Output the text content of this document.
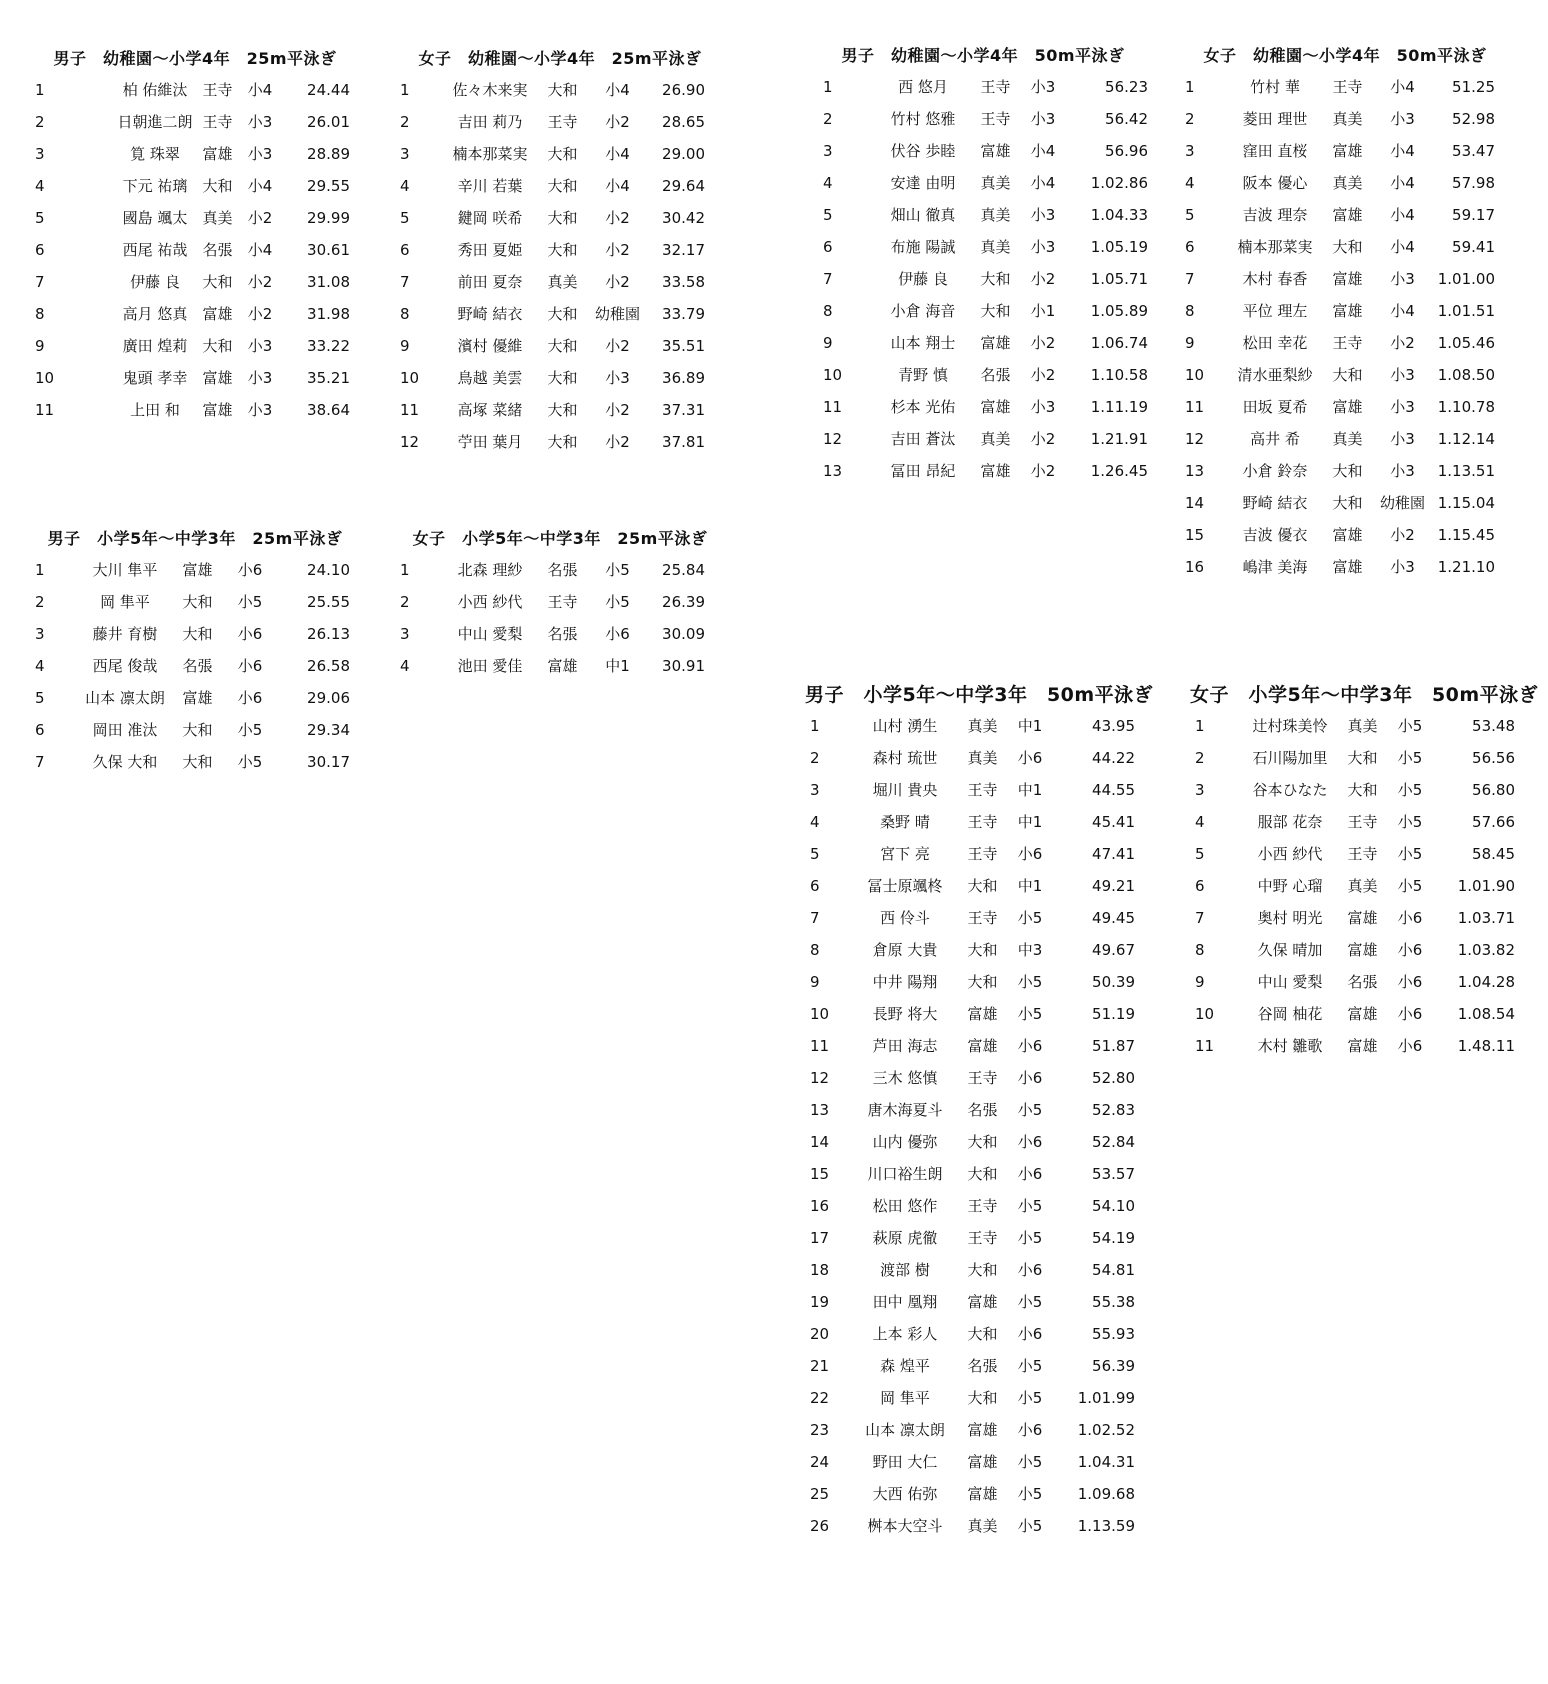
男子　幼稚園〜小学4年　25m平泳ぎ
1	柏 佑維汰	王寺	小4	24.44
2	日朝進二朗 王寺	小3	26.01
3	筧 珠翠	富雄	小3	28.89
4	下元 祐璃	大和	小4	29.55
5	國島 颯太	真美	小2	29.99
6	西尾 祐哉	名張	小4	30.61
7	伊藤 良	大和	小2	31.08
8	高月 悠真	富雄	小2	31.98
9	廣田 煌莉	大和	小3	33.22
10	鬼頭 孝幸	富雄	小3	35.21
11	上田 和	富雄	小3	38.64
女子　幼稚園〜小学4年　25m平泳ぎ
1	佐々木来実	大和	小4	26.90
2	吉田 莉乃	王寺	小2	28.65
3	楠本那菜実	大和	小4	29.00
4	辛川 若葉	大和	小4	29.64
5	鍵岡 咲希	大和	小2	30.42
6	秀田 夏姫	大和	小2	32.17
7	前田 夏奈	真美	小2	33.58
8	野崎 結衣	大和	幼稚園	33.79
9	濱村 優維	大和	小2	35.51
10	鳥越 美雲	大和	小3	36.89
11	高塚 菜緒	大和	小2	37.31
12	苧田 葉月	大和	小2	37.81
男子　幼稚園〜小学4年　50m平泳ぎ
1	西 悠月	王寺	小3	56.23
2	竹村 悠雅	王寺	小3	56.42
3	伏谷 歩睦	富雄	小4	56.96
4	安達 由明	真美	小4	1.02.86
5	畑山 徹真	真美	小3	1.04.33
6	布施 陽誠	真美	小3	1.05.19
7	伊藤 良	大和	小2	1.05.71
8	小倉 海音	大和	小1	1.05.89
9	山本 翔士	富雄	小2	1.06.74
10	青野 慎	名張	小2	1.10.58
11	杉本 光佑	富雄	小3	1.11.19
12	吉田 蒼汰	真美	小2	1.21.91
13	冨田 昂紀	富雄	小2	1.26.45
女子　幼稚園〜小学4年　50m平泳ぎ
1	竹村 華	王寺	小4	51.25
2	菱田 理世	真美	小3	52.98
3	窪田 直桜	富雄	小4	53.47
4	阪本 優心	真美	小4	57.98
5	吉波 理奈	富雄	小4	59.17
6	楠本那菜実	大和	小4	59.41
7	木村 春香	富雄	小3	1.01.00
8	平位 理左	富雄	小4	1.01.51
9	松田 幸花	王寺	小2	1.05.46
10	清水亜梨紗	大和	小3	1.08.50
11	田坂 夏希	富雄	小3	1.10.78
12	高井 希	真美	小3	1.12.14
13	小倉 鈴奈	大和	小3	1.13.51
14	野崎 結衣	大和	幼稚園 1.15.04
15	吉波 優衣	富雄	小2	1.15.45
16	嶋津 美海	富雄	小3	1.21.10
男子　小学5年〜中学3年　25m平泳ぎ
1	大川 隼平	富雄	小6	24.10
2	岡 隼平	大和	小5	25.55
3	藤井 育樹	大和	小6	26.13
4	西尾 俊哉	名張	小6	26.58
5	山本 凛太朗	富雄	小6	29.06
6	岡田 准汰	大和	小5	29.34
7	久保 大和	大和	小5	30.17
女子　小学5年〜中学3年　25m平泳ぎ
1	北森 理紗	名張	小5	25.84
2	小西 紗代	王寺	小5	26.39
3	中山 愛梨	名張	小6	30.09
4	池田 愛佳	富雄	中1	30.91
男子　小学5年〜中学3年　50m平泳ぎ
1	山村 湧生	真美	中1	43.95
2	森村 琉世	真美	小6	44.22
3	堀川 貴央	王寺	中1	44.55
4	桑野 晴	王寺	中1	45.41
5	宮下 亮	王寺	小6	47.41
6	冨士原颯柊	大和	中1	49.21
7	西 伶斗	王寺	小5	49.45
8	倉原 大貴	大和	中3	49.67
9	中井 陽翔	大和	小5	50.39
10	長野 将大	富雄	小5	51.19
11	芦田 海志	富雄	小6	51.87
12	三木 悠慎	王寺	小6	52.80
13	唐木海夏斗	名張	小5	52.83
14	山内 優弥	大和	小6	52.84
15	川口裕生朗	大和	小6	53.57
16	松田 悠作	王寺	小5	54.10
17	萩原 虎徹	王寺	小5	54.19
18	渡部 樹	大和	小6	54.81
19	田中 凰翔	富雄	小5	55.38
20	上本 彩人	大和	小6	55.93
21	森 煌平	名張	小5	56.39
22	岡 隼平	大和	小5	1.01.99
23	山本 凛太朗	富雄	小6	1.02.52
24	野田 大仁	富雄	小5	1.04.31
25	大西 佑弥	富雄	小5	1.09.68
26	桝本大空斗	真美	小5	1.13.59
女子　小学5年〜中学3年　50m平泳ぎ
1	辻村珠美怜	真美	小5	53.48
2	石川陽加里	大和	小5	56.56
3	谷本ひなた	大和	小5	56.80
4	服部 花奈	王寺	小5	57.66
5	小西 紗代	王寺	小5	58.45
6	中野 心瑠	真美	小5	1.01.90
7	奥村 明光	富雄	小6	1.03.71
8	久保 晴加	富雄	小6	1.03.82
9	中山 愛梨	名張	小6	1.04.28
10	谷岡 柚花	富雄	小6	1.08.54
11	木村 雛歌	富雄	小6	1.48.11
